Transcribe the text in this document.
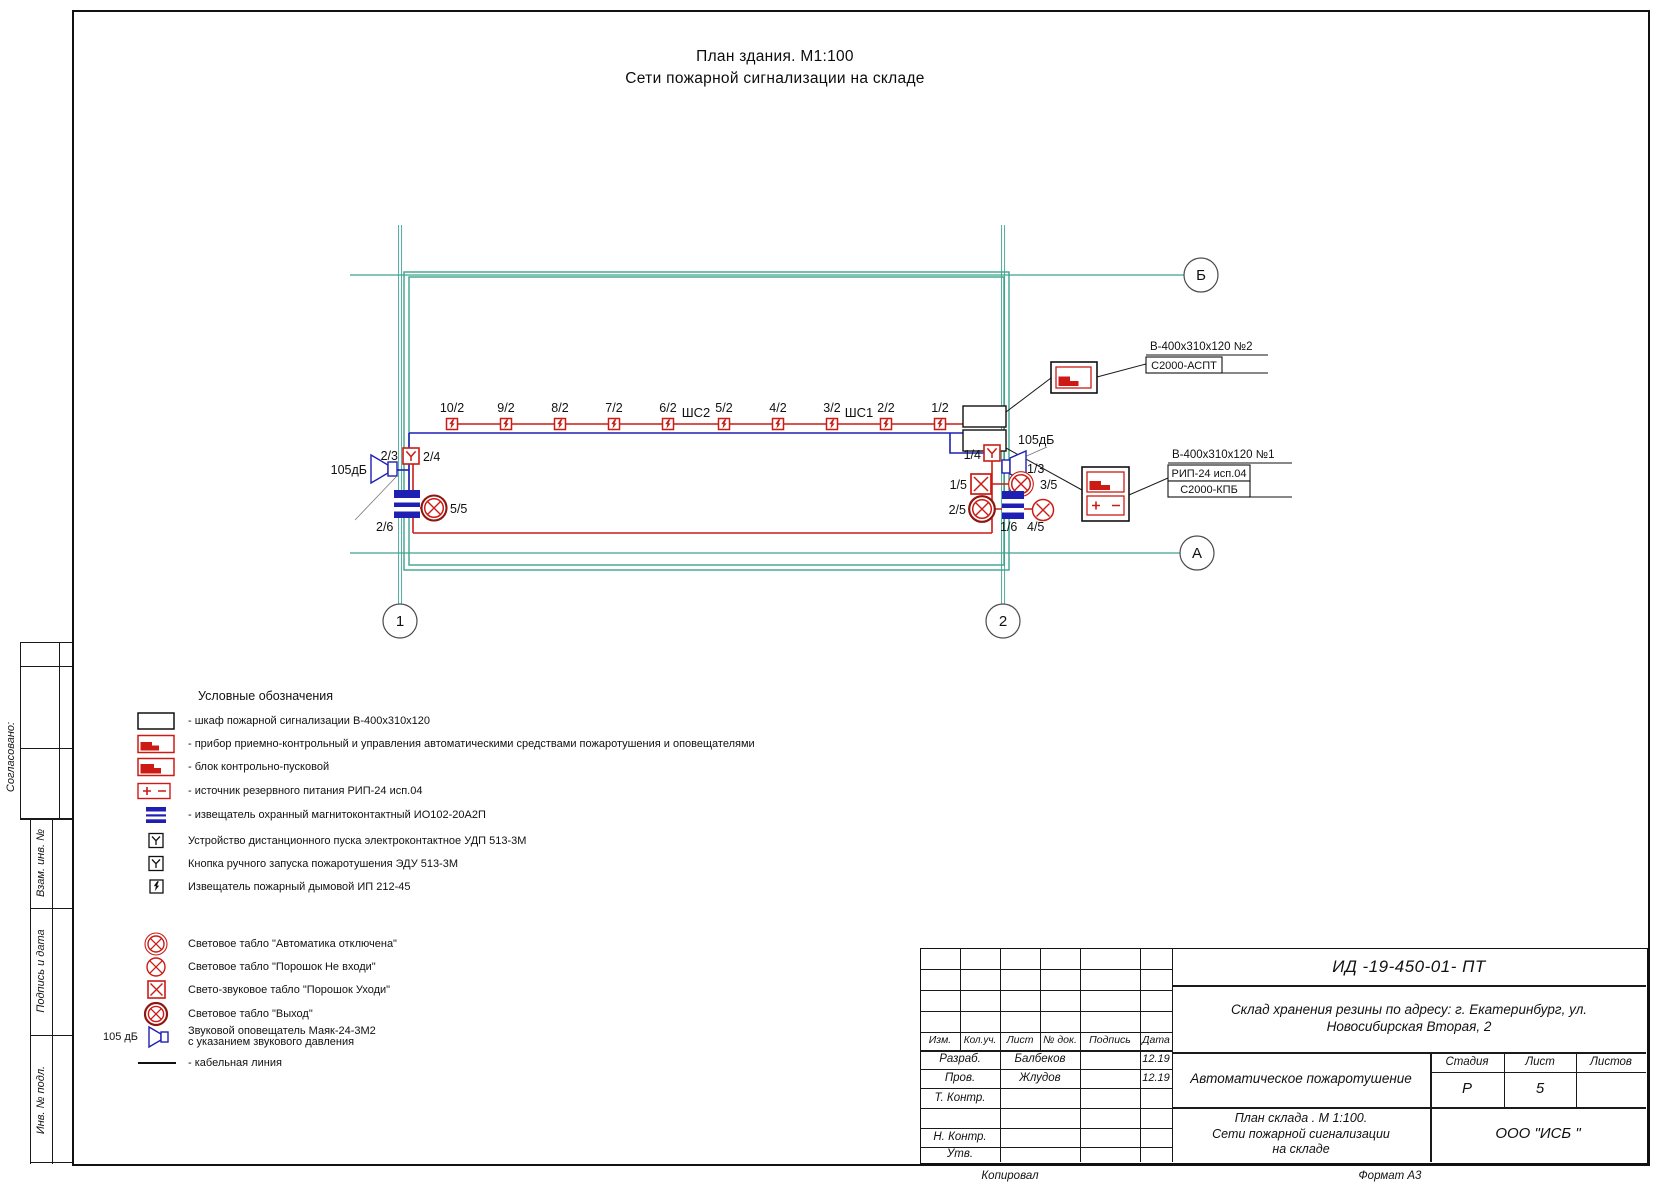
Б
А
1	2
10/2	9/2	8/2	7/2	6/2	5/2	4/2	3/2	2/2	1/2
ШС2	ШС1
105дБ
2/3 2/4
2/6
5/5
1/4
105дБ
1/3
1/5	3/5
2/5
1/6 4/5
В-400х310х120 №2
С2000-АСПТ
В-400х310х120 №1
РИП-24 исп.04
С2000-КПБ
План здания. М1:100
Сети пожарной сигнализации на складе
Условные обозначения
- шкаф пожарной сигнализации В-400х310х120
- прибор приемно-контрольный и управления автоматическими средствами пожаротушения и оповещателями
- блок контрольно-пусковой
- источник резервного питания РИП-24 исп.04
- извещатель охранный магнитоконтактный ИО102-20А2П
Устройство дистанционного пуска электроконтактное УДП 513-3М
Кнопка ручного запуска пожаротушения ЭДУ 513-3М
Извещатель пожарный дымовой ИП 212-45
Световое табло "Автоматика отключена"
Световое табло "Порошок Не входи"
Свето-звуковое табло "Порошок Уходи"
Световое табло "Выход"
105 дБ
Звуковой оповещатель Маяк-24-3М2
с указанием звукового давления
- кабельная линия
Согласовано:
Взам. инв. №
Подпись и дата
Инв. № подл.
Изм.	Кол.уч. Лист № док.	Подпись	Дата
Разраб.	Балбеков	12.19
Пров.	Жлудов	12.19
Т. Контр.
Н. Контр.
Утв.
ИД -19-450-01- ПТ
Склад хранения резины по адресу: г. Екатеринбург, ул.
Новосибирская Вторая, 2
Автоматическое пожаротушение
Стадия	Лист	Листов
Р	5
План склада . М 1:100.
Сети пожарной сигнализации
на складе
ООО "ИСБ "
Копировал	Формат А3
